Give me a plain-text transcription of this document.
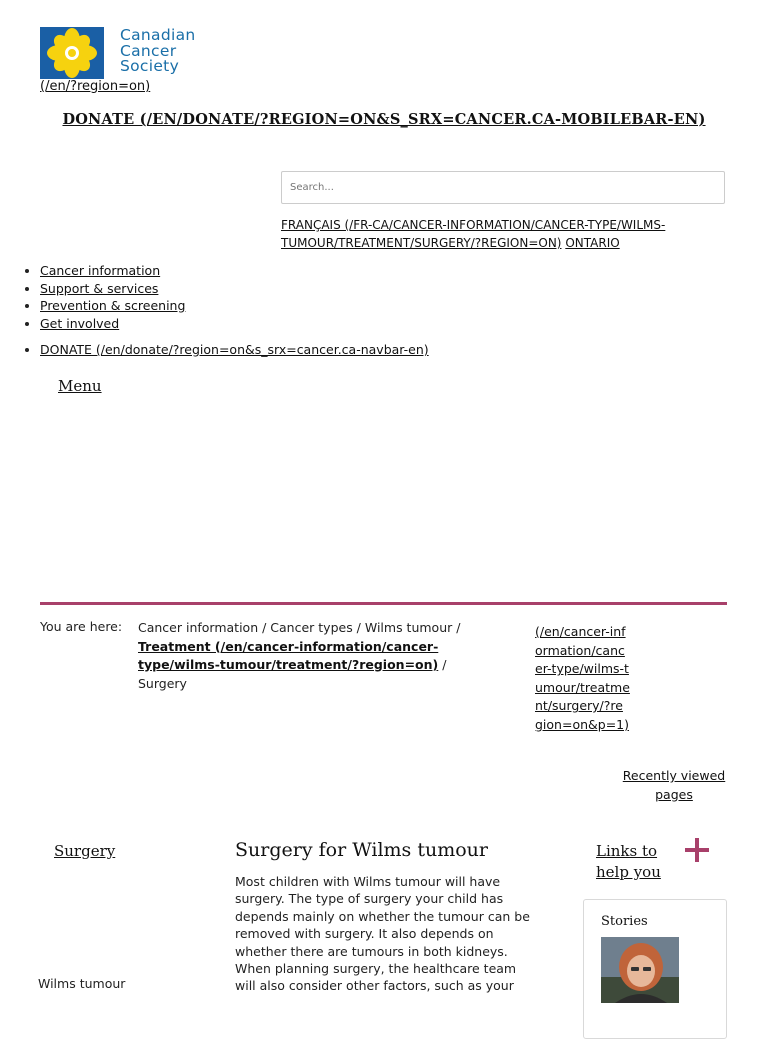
Canadian
Cancer
Society
(/en/?region=on)
DONATE (/EN/DONATE/?REGION=ON&S_SRX=CANCER.CA-MOBILEBAR-EN)
Search...
FRANÇAIS (/FR-CA/CANCER-INFORMATION/CANCER-TYPE/WILMS-TUMOUR/TREATMENT/SURGERY/?REGION=ON) ONTARIO
• Cancer information
• Support & services
• Prevention & screening
• Get involved
• DONATE (/en/donate/?region=on&s_srx=cancer.ca-navbar-en)
Menu
You are here: Cancer information / Cancer types / Wilms tumour / Treatment (/en/cancer-information/cancer-type/wilms-tumour/treatment/?region=on) / Surgery
(/en/cancer-information/cancer-type/wilms-tumour/treatment/surgery/?region=on&p=1)
Recently viewed pages
Surgery
Wilms tumour
Surgery for Wilms tumour

Most children with Wilms tumour will have surgery. The type of surgery your child has depends mainly on whether the tumour can be removed with surgery. It also depends on whether there are tumours in both kidneys. When planning surgery, the healthcare team will also consider other factors, such as your

Links to help you
Stories
